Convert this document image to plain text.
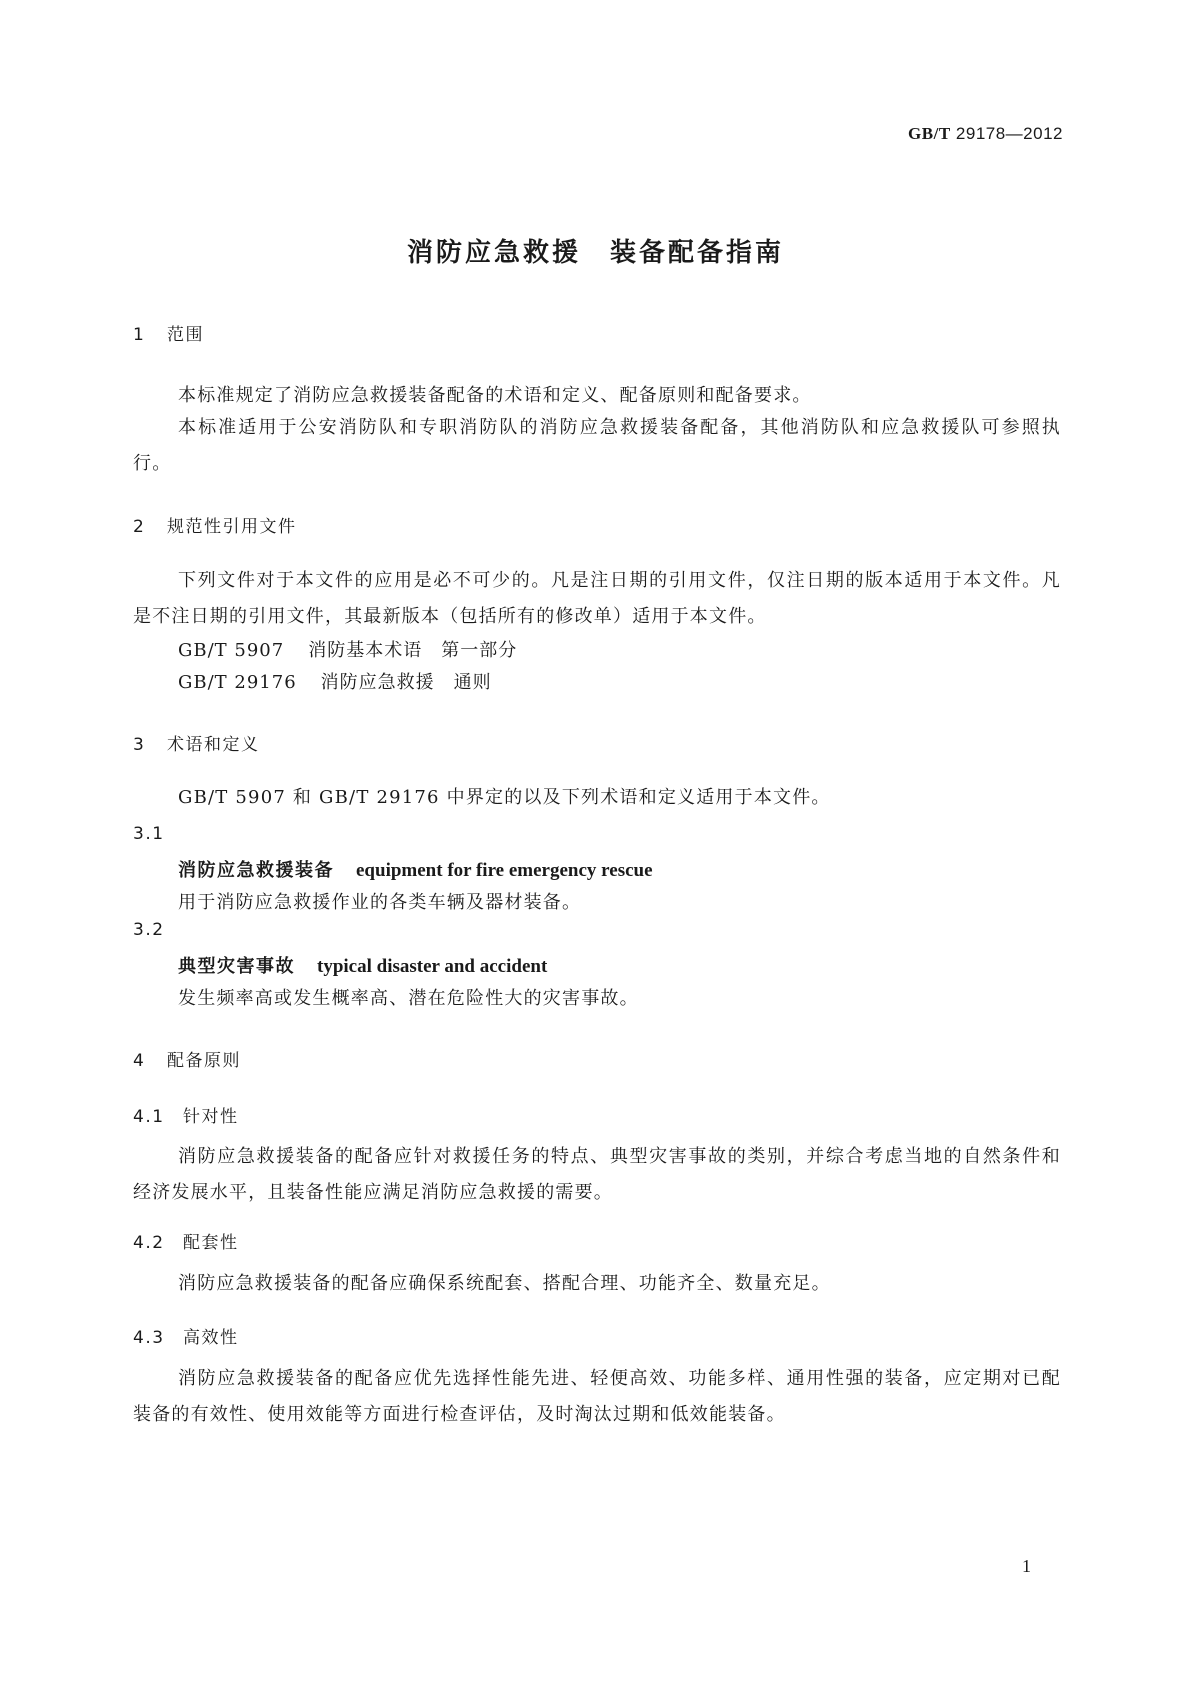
GB/T 29178—2012
消防应急救援　装备配备指南
1 范围
本标准规定了消防应急救援装备配备的术语和定义、配备原则和配备要求。
本标准适用于公安消防队和专职消防队的消防应急救援装备配备，其他消防队和应急救援队可参照执行。
2 规范性引用文件
下列文件对于本文件的应用是必不可少的。凡是注日期的引用文件，仅注日期的版本适用于本文件。凡是不注日期的引用文件，其最新版本（包括所有的修改单）适用于本文件。
GB/T 5907 消防基本术语　第一部分
GB/T 29176 消防应急救援　通则
3 术语和定义
GB/T 5907 和 GB/T 29176 中界定的以及下列术语和定义适用于本文件。
3.1
消防应急救援装备 equipment for fire emergency rescue
用于消防应急救援作业的各类车辆及器材装备。
3.2
典型灾害事故 typical disaster and accident
发生频率高或发生概率高、潜在危险性大的灾害事故。
4 配备原则
4.1 针对性
消防应急救援装备的配备应针对救援任务的特点、典型灾害事故的类别，并综合考虑当地的自然条件和经济发展水平，且装备性能应满足消防应急救援的需要。
4.2 配套性
消防应急救援装备的配备应确保系统配套、搭配合理、功能齐全、数量充足。
4.3 高效性
消防应急救援装备的配备应优先选择性能先进、轻便高效、功能多样、通用性强的装备，应定期对已配装备的有效性、使用效能等方面进行检查评估，及时淘汰过期和低效能装备。
1
